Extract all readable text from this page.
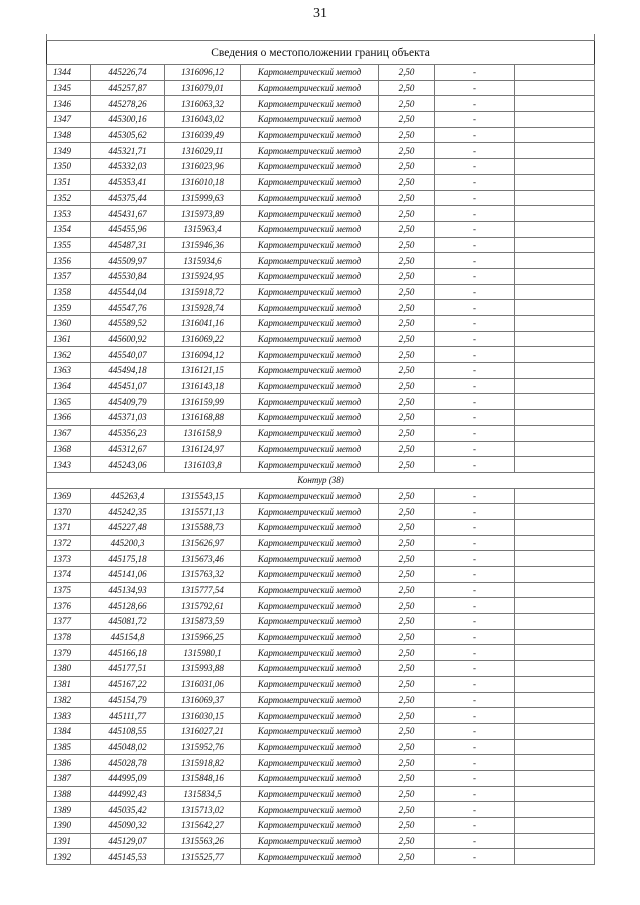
31

Сведения о местоположении границ объекта						
1344	445226,74	1316096,12	Картометрический метод	2,50	-	
1345	445257,87	1316079,01	Картометрический метод	2,50	-	
1346	445278,26	1316063,32	Картометрический метод	2,50	-	
1347	445300,16	1316043,02	Картометрический метод	2,50	-	
1348	445305,62	1316039,49	Картометрический метод	2,50	-	
1349	445321,71	1316029,11	Картометрический метод	2,50	-	
1350	445332,03	1316023,96	Картометрический метод	2,50	-	
1351	445353,41	1316010,18	Картометрический метод	2,50	-	
1352	445375,44	1315999,63	Картометрический метод	2,50	-	
1353	445431,67	1315973,89	Картометрический метод	2,50	-	
1354	445455,96	1315963,4	Картометрический метод	2,50	-	
1355	445487,31	1315946,36	Картометрический метод	2,50	-	
1356	445509,97	1315934,6	Картометрический метод	2,50	-	
1357	445530,84	1315924,95	Картометрический метод	2,50	-	
1358	445544,04	1315918,72	Картометрический метод	2,50	-	
1359	445547,76	1315928,74	Картометрический метод	2,50	-	
1360	445589,52	1316041,16	Картометрический метод	2,50	-	
1361	445600,92	1316069,22	Картометрический метод	2,50	-	
1362	445540,07	1316094,12	Картометрический метод	2,50	-	
1363	445494,18	1316121,15	Картометрический метод	2,50	-	
1364	445451,07	1316143,18	Картометрический метод	2,50	-	
1365	445409,79	1316159,99	Картометрический метод	2,50	-	
1366	445371,03	1316168,88	Картометрический метод	2,50	-	
1367	445356,23	1316158,9	Картометрический метод	2,50	-	
1368	445312,67	1316124,97	Картометрический метод	2,50	-	
1343	445243,06	1316103,8	Картометрический метод	2,50	-	
Контур (38)						
1369	445263,4	1315543,15	Картометрический метод	2,50	-	
1370	445242,35	1315571,13	Картометрический метод	2,50	-	
1371	445227,48	1315588,73	Картометрический метод	2,50	-	
1372	445200,3	1315626,97	Картометрический метод	2,50	-	
1373	445175,18	1315673,46	Картометрический метод	2,50	-	
1374	445141,06	1315763,32	Картометрический метод	2,50	-	
1375	445134,93	1315777,54	Картометрический метод	2,50	-	
1376	445128,66	1315792,61	Картометрический метод	2,50	-	
1377	445081,72	1315873,59	Картометрический метод	2,50	-	
1378	445154,8	1315966,25	Картометрический метод	2,50	-	
1379	445166,18	1315980,1	Картометрический метод	2,50	-	
1380	445177,51	1315993,88	Картометрический метод	2,50	-	
1381	445167,22	1316031,06	Картометрический метод	2,50	-	
1382	445154,79	1316069,37	Картометрический метод	2,50	-	
1383	445111,77	1316030,15	Картометрический метод	2,50	-	
1384	445108,55	1316027,21	Картометрический метод	2,50	-	
1385	445048,02	1315952,76	Картометрический метод	2,50	-	
1386	445028,78	1315918,82	Картометрический метод	2,50	-	
1387	444995,09	1315848,16	Картометрический метод	2,50	-	
1388	444992,43	1315834,5	Картометрический метод	2,50	-	
1389	445035,42	1315713,02	Картометрический метод	2,50	-	
1390	445090,32	1315642,27	Картометрический метод	2,50	-	
1391	445129,07	1315563,26	Картометрический метод	2,50	-	
1392	445145,53	1315525,77	Картометрический метод	2,50	-	
